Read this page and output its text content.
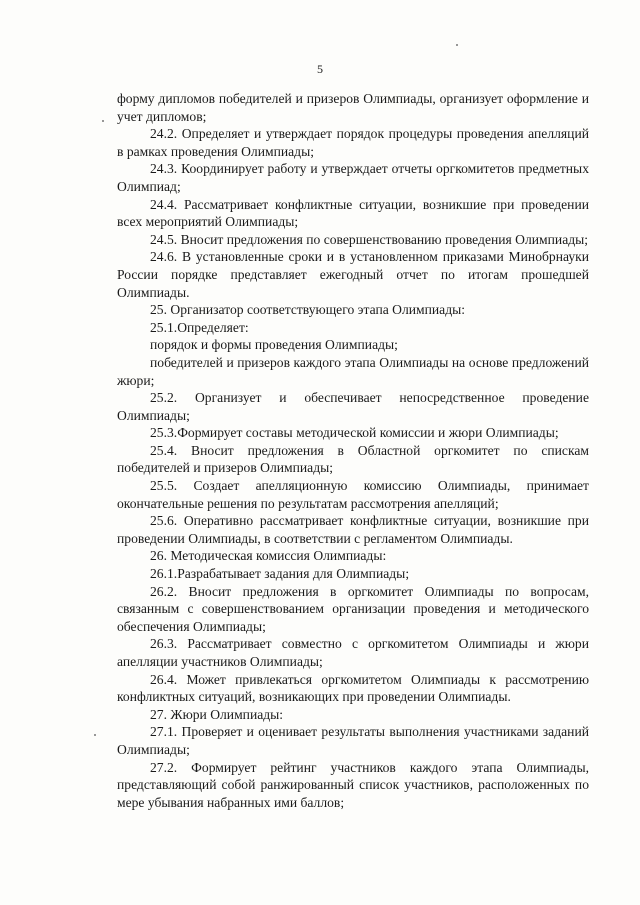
5

форму дипломов победителей и призеров Олимпиады, организует оформление и учет дипломов;

24.2. Определяет и утверждает порядок процедуры проведения апелляций в рамках проведения Олимпиады;

24.3. Координирует работу и утверждает отчеты оргкомитетов предметных Олимпиад;

24.4. Рассматривает конфликтные ситуации, возникшие при проведении всех мероприятий Олимпиады;

24.5. Вносит предложения по совершенствованию проведения Олимпиады;

24.6. В установленные сроки и в установленном приказами Минобрнауки России порядке представляет ежегодный отчет по итогам прошедшей Олимпиады.

25. Организатор соответствующего этапа Олимпиады:

25.1.Определяет:

порядок и формы проведения Олимпиады;

победителей и призеров каждого этапа Олимпиады на основе предложений жюри;

25.2. Организует и обеспечивает непосредственное проведение Олимпиады;

25.3.Формирует составы методической комиссии и жюри Олимпиады;

25.4. Вносит предложения в Областной оргкомитет по спискам победителей и призеров Олимпиады;

25.5. Создает апелляционную комиссию Олимпиады, принимает окончательные решения по результатам рассмотрения апелляций;

25.6. Оперативно рассматривает конфликтные ситуации, возникшие при проведении Олимпиады, в соответствии с регламентом Олимпиады.

26. Методическая комиссия Олимпиады:

26.1.Разрабатывает задания для Олимпиады;

26.2. Вносит предложения в оргкомитет Олимпиады по вопросам, связанным с совершенствованием организации проведения и методического обеспечения Олимпиады;

26.3. Рассматривает совместно с оргкомитетом Олимпиады и жюри апелляции участников Олимпиады;

26.4. Может привлекаться оргкомитетом Олимпиады к рассмотрению конфликтных ситуаций, возникающих при проведении Олимпиады.

27. Жюри Олимпиады:

27.1. Проверяет и оценивает результаты выполнения участниками заданий Олимпиады;

27.2. Формирует рейтинг участников каждого этапа Олимпиады, представляющий собой ранжированный список участников, расположенных по мере убывания набранных ими баллов;
